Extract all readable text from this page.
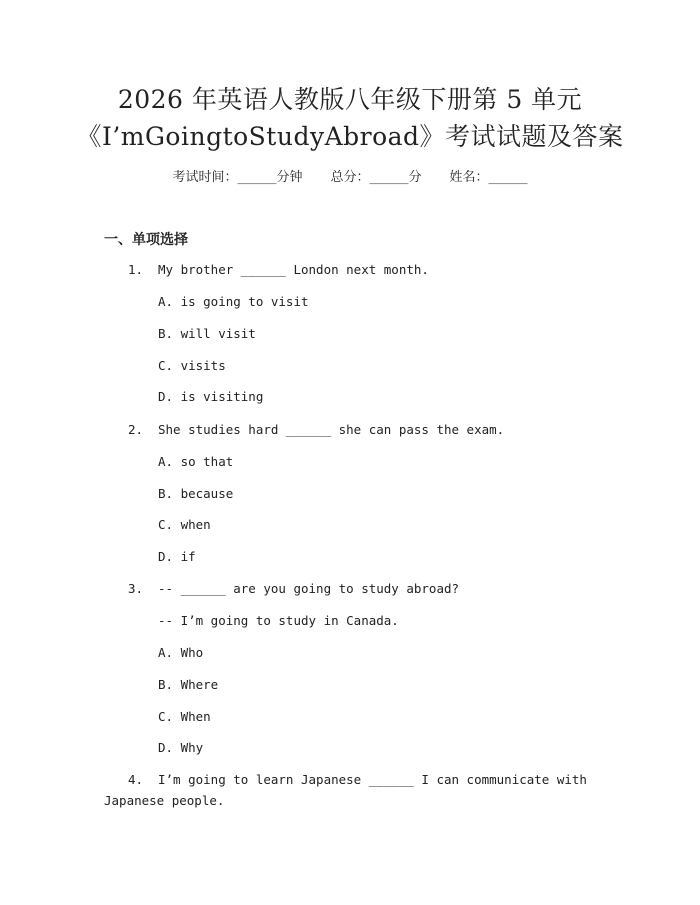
2026 年英语人教版八年级下册第 5 单元
《I’mGoingtoStudyAbroad》考试试题及答案
考试时间：______分钟 总分：______分 姓名：______
一、单项选择
1. My brother ______ London next month.
A. is going to visit
B. will visit
C. visits
D. is visiting
2. She studies hard ______ she can pass the exam.
A. so that
B. because
C. when
D. if
3. -- ______ are you going to study abroad?
-- I’m going to study in Canada.
A. Who
B. Where
C. When
D. Why
4. I’m going to learn Japanese ______ I can communicate with
Japanese people.
